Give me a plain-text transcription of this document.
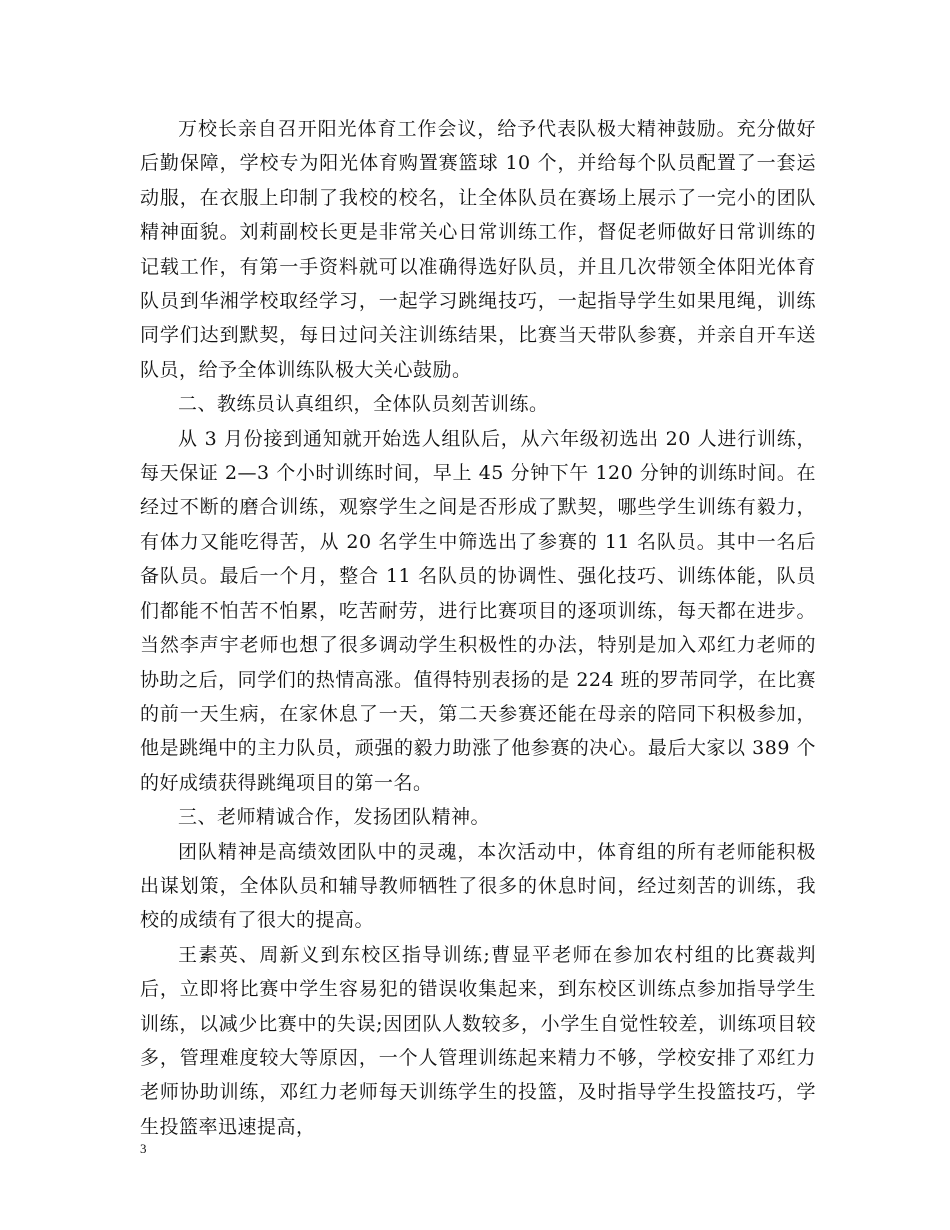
万校长亲自召开阳光体育工作会议，给予代表队极大精神鼓励。充分做好后勤保障，学校专为阳光体育购置赛篮球 10 个，并给每个队员配置了一套运动服，在衣服上印制了我校的校名，让全体队员在赛场上展示了一完小的团队精神面貌。刘莉副校长更是非常关心日常训练工作，督促老师做好日常训练的记载工作，有第一手资料就可以准确得选好队员，并且几次带领全体阳光体育队员到华湘学校取经学习，一起学习跳绳技巧，一起指导学生如果甩绳，训练同学们达到默契，每日过问关注训练结果，比赛当天带队参赛，并亲自开车送队员，给予全体训练队极大关心鼓励。

二、教练员认真组织，全体队员刻苦训练。

从 3 月份接到通知就开始选人组队后，从六年级初选出 20 人进行训练，每天保证 2—3 个小时训练时间，早上 45 分钟下午 120 分钟的训练时间。在经过不断的磨合训练，观察学生之间是否形成了默契，哪些学生训练有毅力，有体力又能吃得苦，从 20 名学生中筛选出了参赛的 11 名队员。其中一名后备队员。最后一个月，整合 11 名队员的协调性、强化技巧、训练体能，队员们都能不怕苦不怕累，吃苦耐劳，进行比赛项目的逐项训练，每天都在进步。当然李声宇老师也想了很多调动学生积极性的办法，特别是加入邓红力老师的协助之后，同学们的热情高涨。值得特别表扬的是 224 班的罗芾同学，在比赛的前一天生病，在家休息了一天，第二天参赛还能在母亲的陪同下积极参加，他是跳绳中的主力队员，顽强的毅力助涨了他参赛的决心。最后大家以 389 个的好成绩获得跳绳项目的第一名。

三、老师精诚合作，发扬团队精神。

团队精神是高绩效团队中的灵魂，本次活动中，体育组的所有老师能积极出谋划策，全体队员和辅导教师牺牲了很多的休息时间，经过刻苦的训练，我校的成绩有了很大的提高。

王素英、周新义到东校区指导训练;曹显平老师在参加农村组的比赛裁判后，立即将比赛中学生容易犯的错误收集起来，到东校区训练点参加指导学生训练，以减少比赛中的失误;因团队人数较多，小学生自觉性较差，训练项目较多，管理难度较大等原因，一个人管理训练起来精力不够，学校安排了邓红力老师协助训练，邓红力老师每天训练学生的投篮，及时指导学生投篮技巧，学生投篮率迅速提高，

3
